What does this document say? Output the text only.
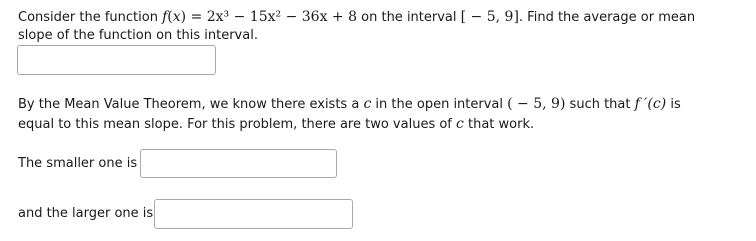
Consider the function f(x) = 2x³ − 15x² − 36x + 8 on the interval [ − 5, 9]. Find the average or mean
slope of the function on this interval.
By the Mean Value Theorem, we know there exists a c in the open interval ( − 5, 9) such that f ′(c) is
equal to this mean slope. For this problem, there are two values of c that work.
The smaller one is
and the larger one is
